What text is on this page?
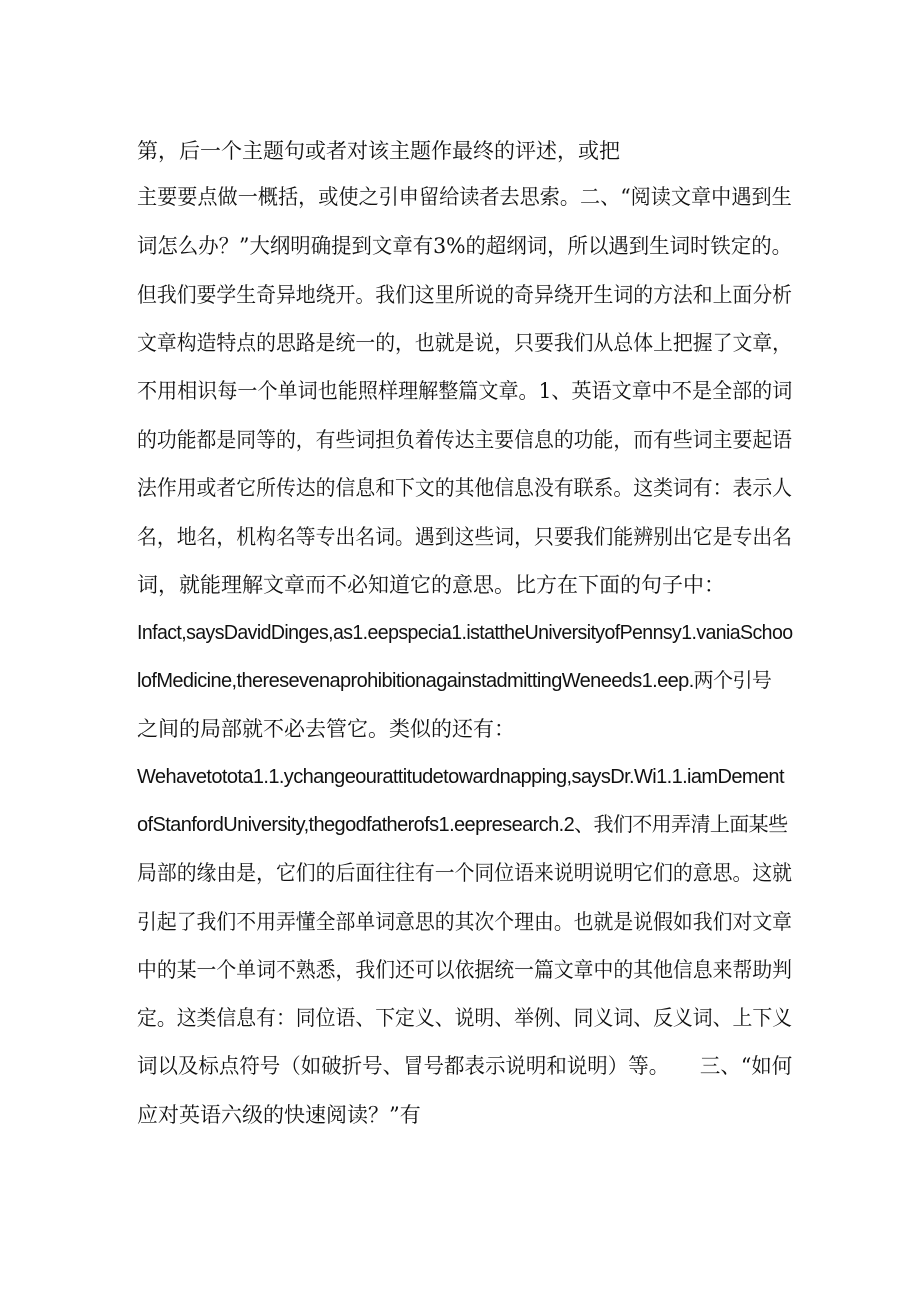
第，后一个主题句或者对该主题作最终的评述，或把
主要要点做一概括，或使之引申留给读者去思索。二、“阅读文章中遇到生
词怎么办？”大纲明确提到文章有3%的超纲词，所以遇到生词时铁定的。
但我们要学生奇异地绕开。我们这里所说的奇异绕开生词的方法和上面分析
文章构造特点的思路是统一的，也就是说，只要我们从总体上把握了文章，
不用相识每一个单词也能照样理解整篇文章。1、英语文章中不是全部的词
的功能都是同等的，有些词担负着传达主要信息的功能，而有些词主要起语
法作用或者它所传达的信息和下文的其他信息没有联系。这类词有：表示人
名，地名，机构名等专出名词。遇到这些词，只要我们能辨别出它是专出名
词，就能理解文章而不必知道它的意思。比方在下面的句子中：
Infact,saysDavidDinges,as1.eepspecia1.istattheUniversityofPennsy1.vaniaSchoo
lofMedicine,theresevenaprohibitionagainstadmittingWeneeds1.eep.两个引号
之间的局部就不必去管它。类似的还有：
Wehavetotota1.1.ychangeourattitudetowardnapping,saysDr.Wi1.1.iamDement
ofStanfordUniversity,thegodfatherofs1.eepresearch.2、我们不用弄清上面某些
局部的缘由是，它们的后面往往有一个同位语来说明说明它们的意思。这就
引起了我们不用弄懂全部单词意思的其次个理由。也就是说假如我们对文章
中的某一个单词不熟悉，我们还可以依据统一篇文章中的其他信息来帮助判
定。这类信息有：同位语、下定义、说明、举例、同义词、反义词、上下义
词以及标点符号（如破折号、冒号都表示说明和说明）等。　　三、“如何
应对英语六级的快速阅读？”有
